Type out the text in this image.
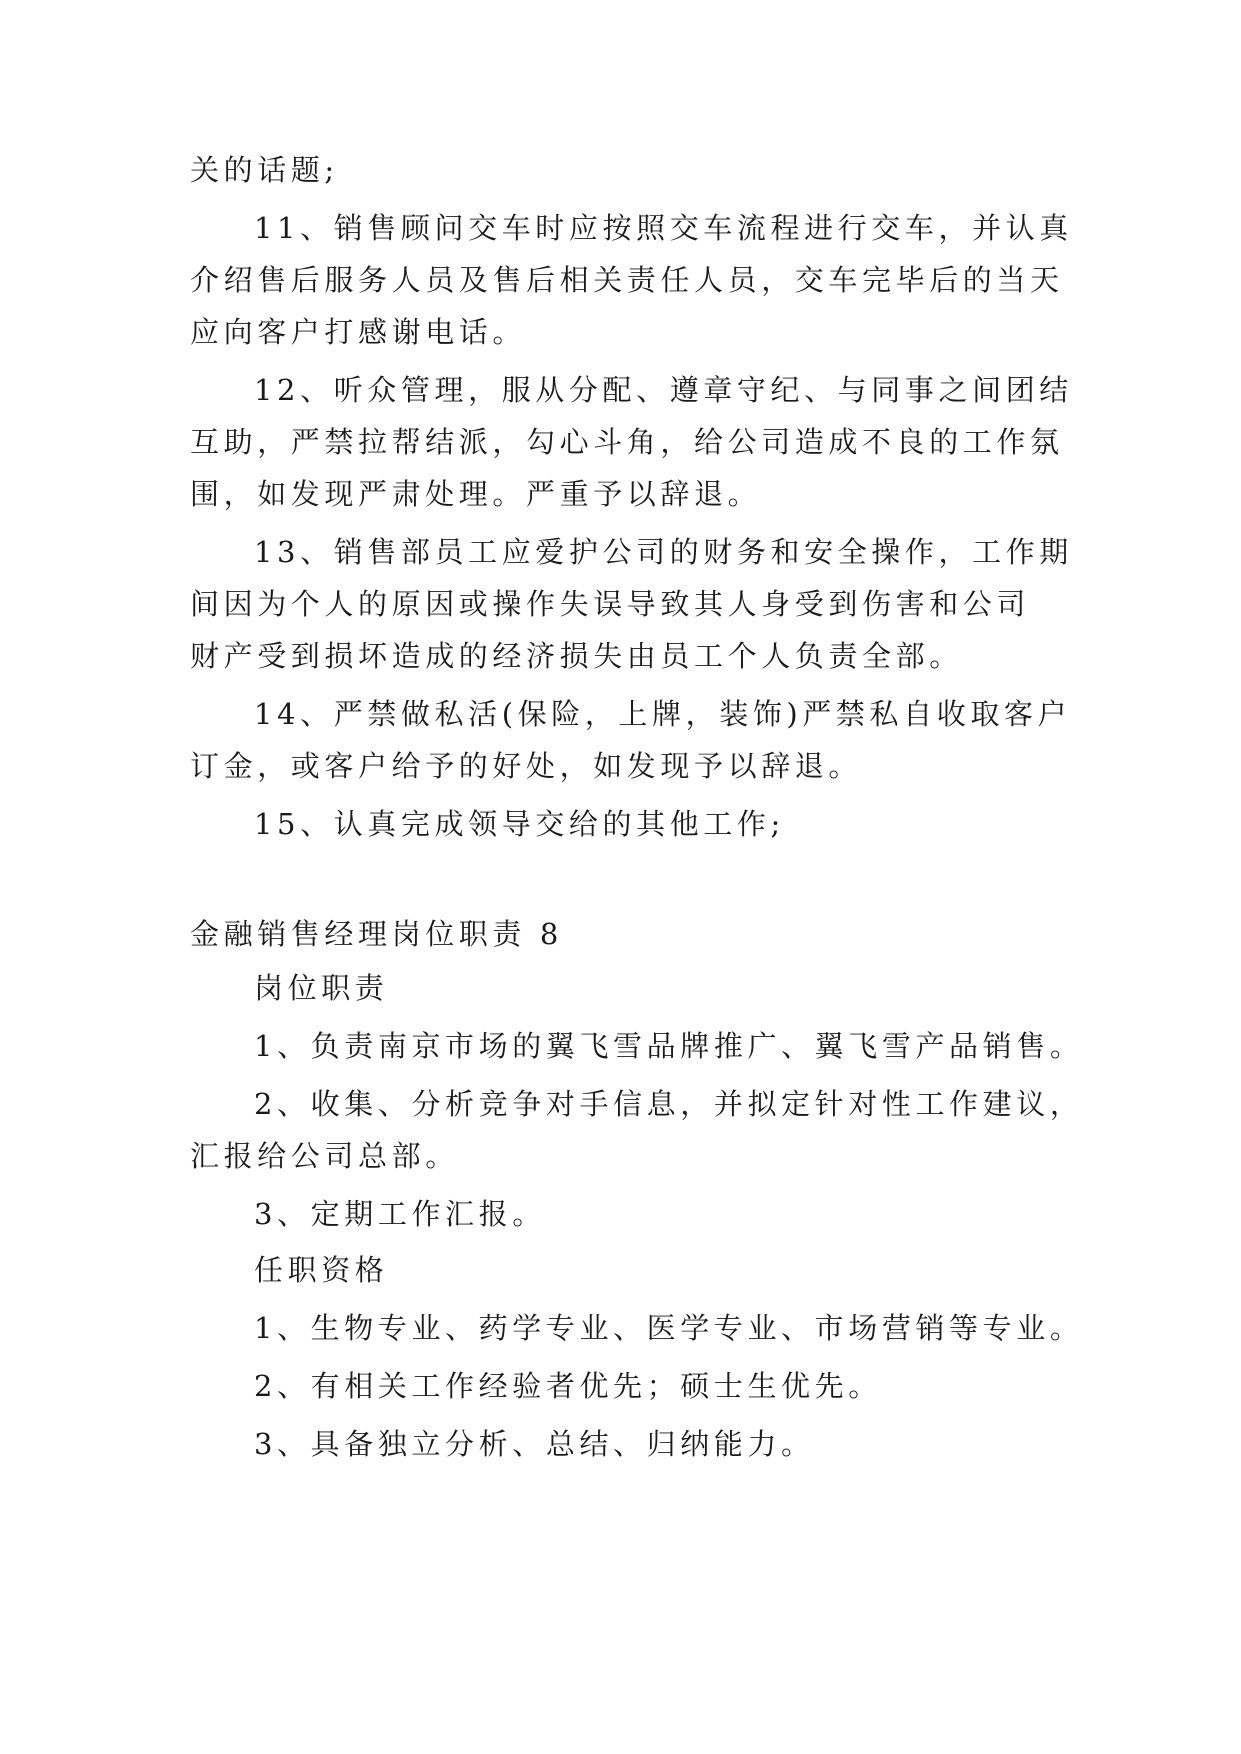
关的话题;
11、销售顾问交车时应按照交车流程进行交车，并认真
介绍售后服务人员及售后相关责任人员，交车完毕后的当天
应向客户打感谢电话。
12、听众管理，服从分配、遵章守纪、与同事之间团结
互助，严禁拉帮结派，勾心斗角，给公司造成不良的工作氛
围，如发现严肃处理。严重予以辞退。
13、销售部员工应爱护公司的财务和安全操作，工作期
间因为个人的原因或操作失误导致其人身受到伤害和公司
财产受到损坏造成的经济损失由员工个人负责全部。
14、严禁做私活(保险，上牌，装饰)严禁私自收取客户
订金，或客户给予的好处，如发现予以辞退。
15、认真完成领导交给的其他工作;
金融销售经理岗位职责 8
岗位职责
1、负责南京市场的翼飞雪品牌推广、翼飞雪产品销售。
2、收集、分析竞争对手信息，并拟定针对性工作建议，
汇报给公司总部。
3、定期工作汇报。
任职资格
1、生物专业、药学专业、医学专业、市场营销等专业。
2、有相关工作经验者优先；硕士生优先。
3、具备独立分析、总结、归纳能力。
